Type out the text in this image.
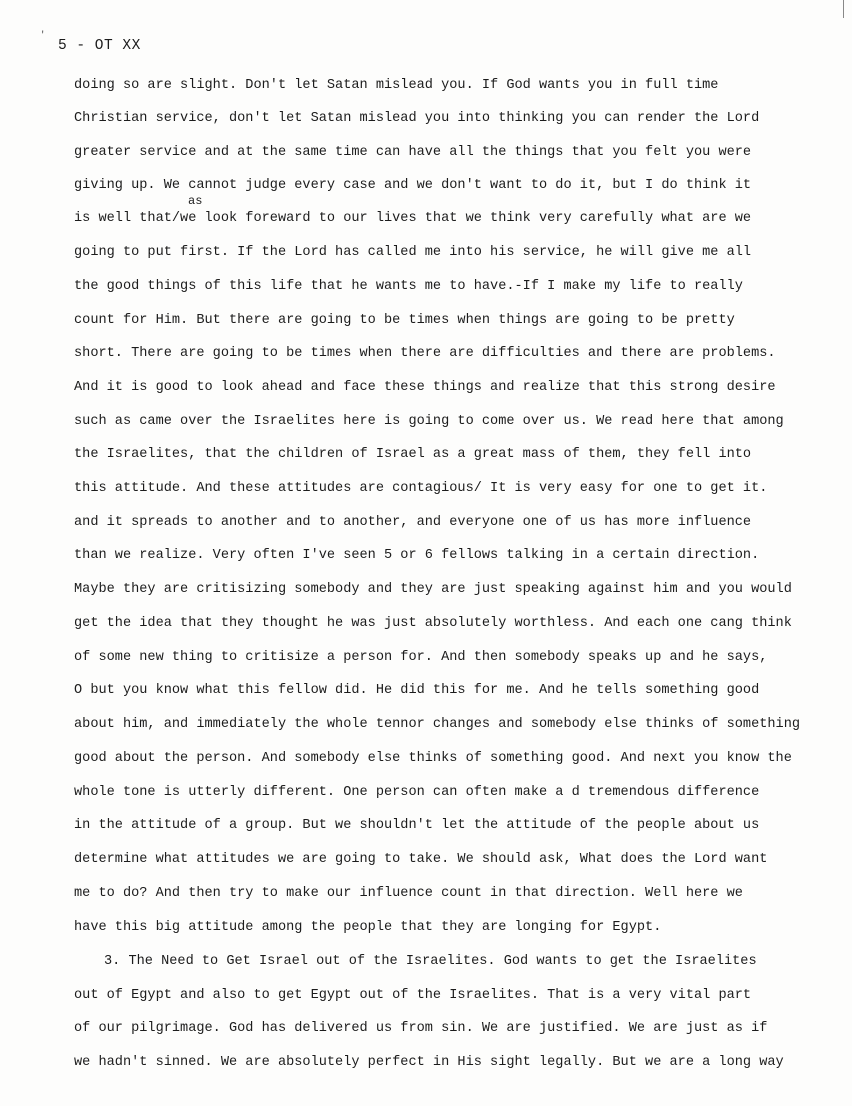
'
5 - OT XX
as
doing so are slight. Don't let Satan mislead you. If God wants you in full time
Christian service, don't let Satan mislead you into thinking you can render the Lord
greater service and at the same time can have all the things that you felt you were
giving up. We cannot judge every case and we don't want to do it, but I do think it
is well that/we look foreward to our lives that we think very carefully what are we
going to put first. If the Lord has called me into his service, he will give me all
the good things of this life that he wants me to have.-If I make my life to really
count for Him. But there are going to be times when things are going to be pretty
short. There are going to be times when there are difficulties and there are problems.
And it is good to look ahead and face these things and realize that this strong desire
such as came over the Israelites here is going to come over us. We read here that among
the Israelites, that the children of Israel as a great mass of them, they fell into
this attitude. And these attitudes are contagious/ It is very easy for one to get it.
and it spreads to another and to another, and everyone one of us has more influence
than we realize. Very often I've seen 5 or 6 fellows talking in a certain direction.
Maybe they are critisizing somebody and they are just speaking against him and you would
get the idea that they thought he was just absolutely worthless. And each one cang think
of some new thing to critisize a person for. And then somebody speaks up and he says,
O but you know what this fellow did. He did this for me. And he tells something good
about him, and immediately the whole tennor changes and somebody else thinks of something
good about the person. And somebody else thinks of something good. And next you know the
whole tone is utterly different. One person can often make a d tremendous difference
in the attitude of a group. But we shouldn't let the attitude of the people about us
determine what attitudes we are going to take. We should ask, What does the Lord want
me to do? And then try to make our influence count in that direction. Well here we
have this big attitude among the people that they are longing for Egypt.
3. The Need to Get Israel out of the Israelites. God wants to get the Israelites
out of Egypt and also to get Egypt out of the Israelites. That is a very vital part
of our pilgrimage. God has delivered us from sin. We are justified. We are just as if
we hadn't sinned. We are absolutely perfect in His sight legally. But we are a long way
